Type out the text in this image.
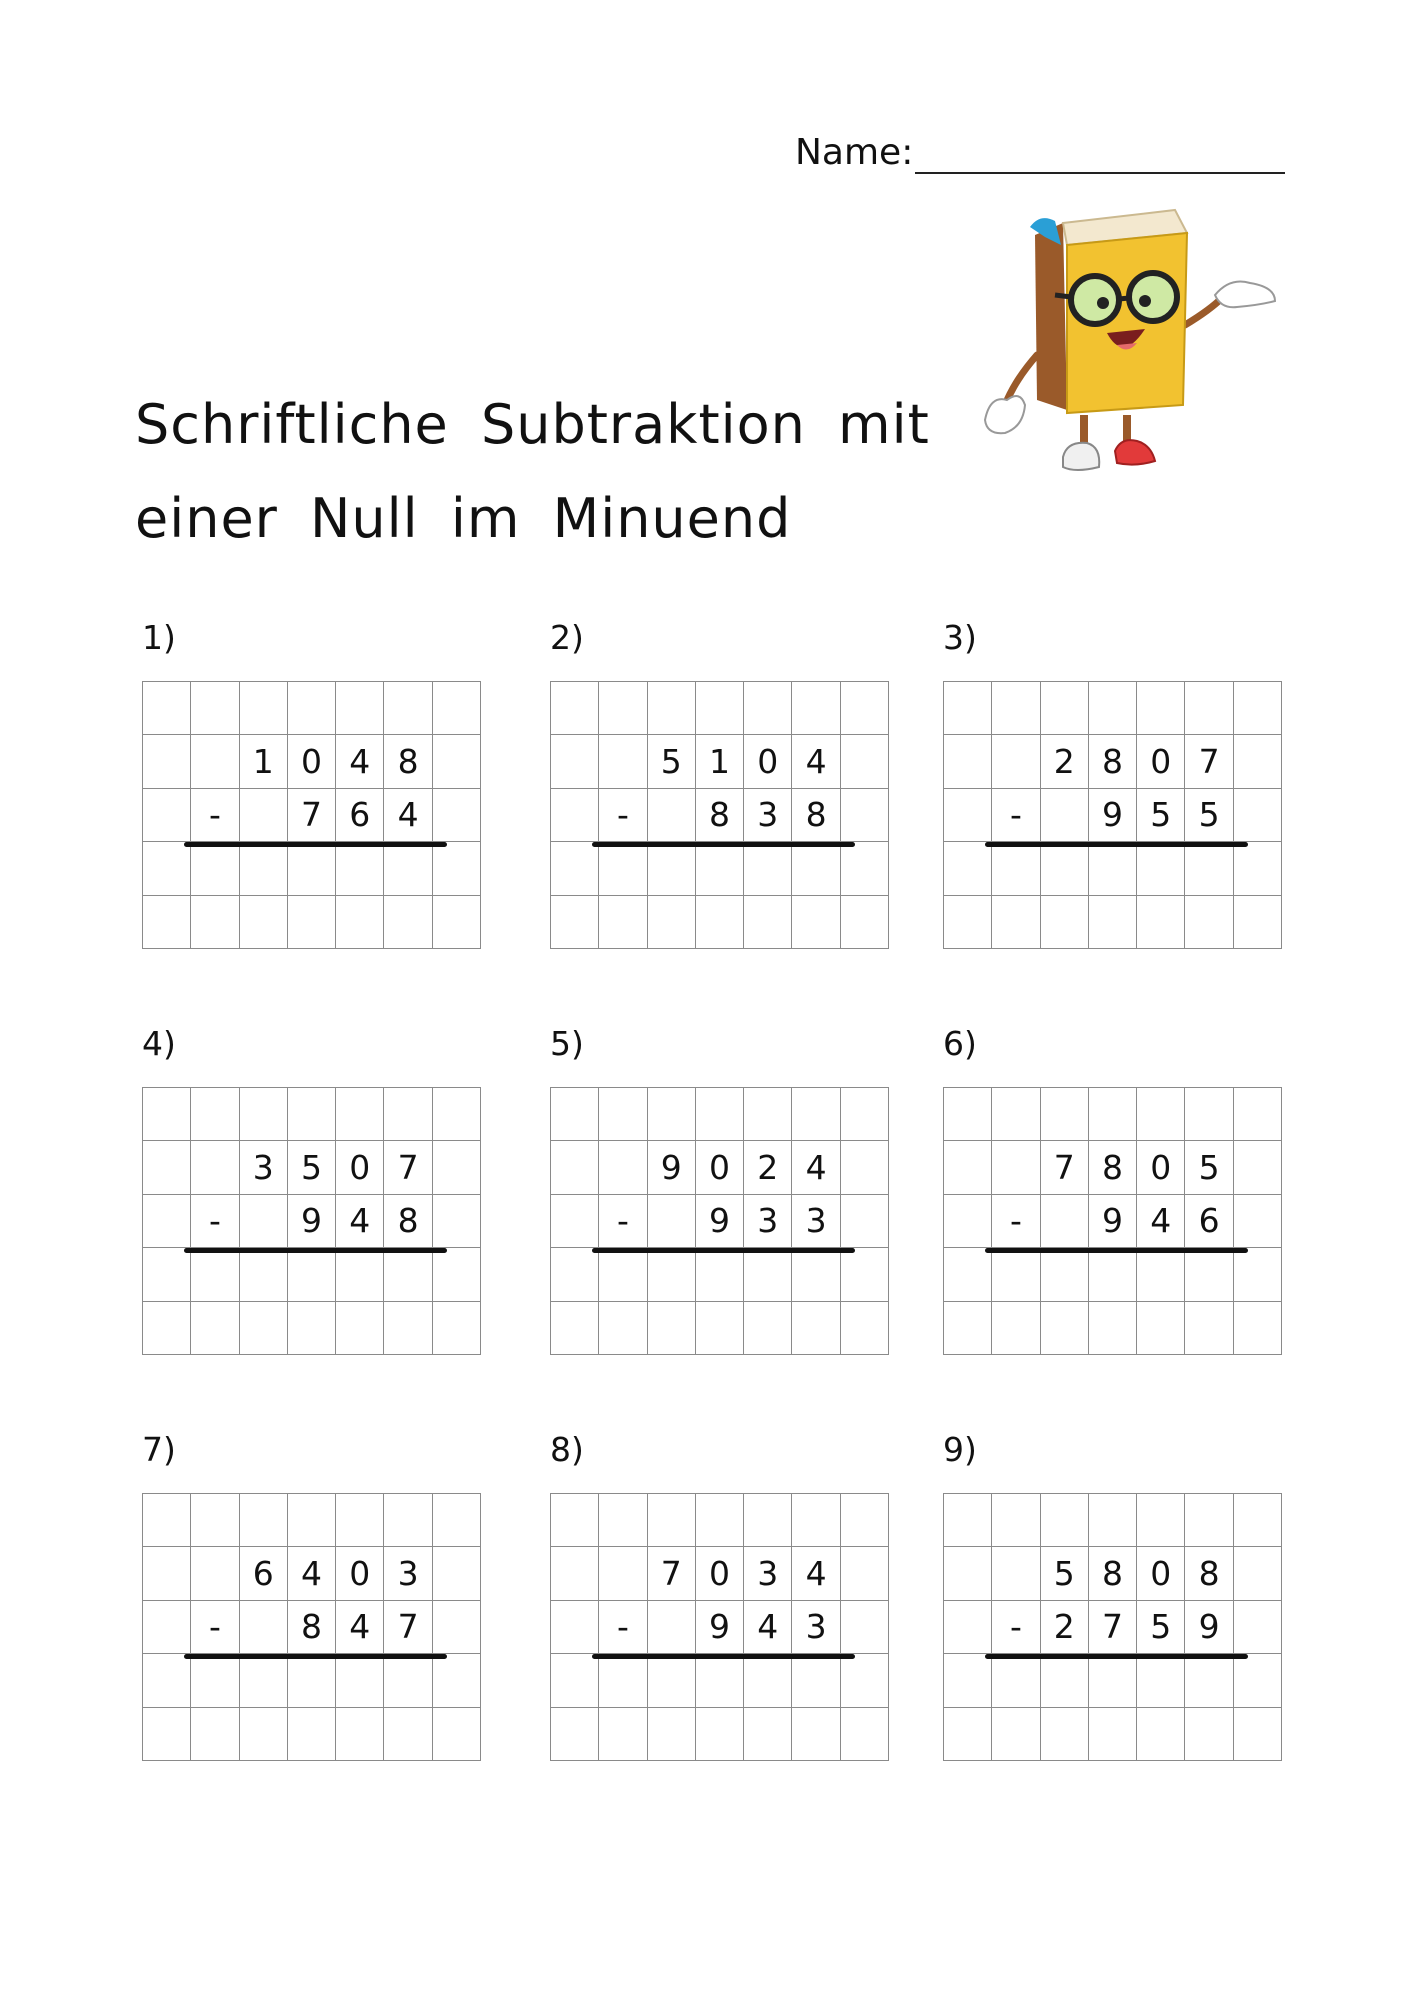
Name:
Schriftliche Subtraktion mit
einer Null im Minuend
1)
1 0 4 8
-	7 6 4
2)
5 1 0 4
-	8 3 8
3)
2 8 0 7
-	9 5 5
4)
3 5 0 7
-	9 4 8
5)
9 0 2 4
-	9 3 3
6)
7 8 0 5
-	9 4 6
7)
6 4 0 3
-	8 4 7
8)
7 0 3 4
-	9 4 3
9)
5 8 0 8
- 2 7 5 9
